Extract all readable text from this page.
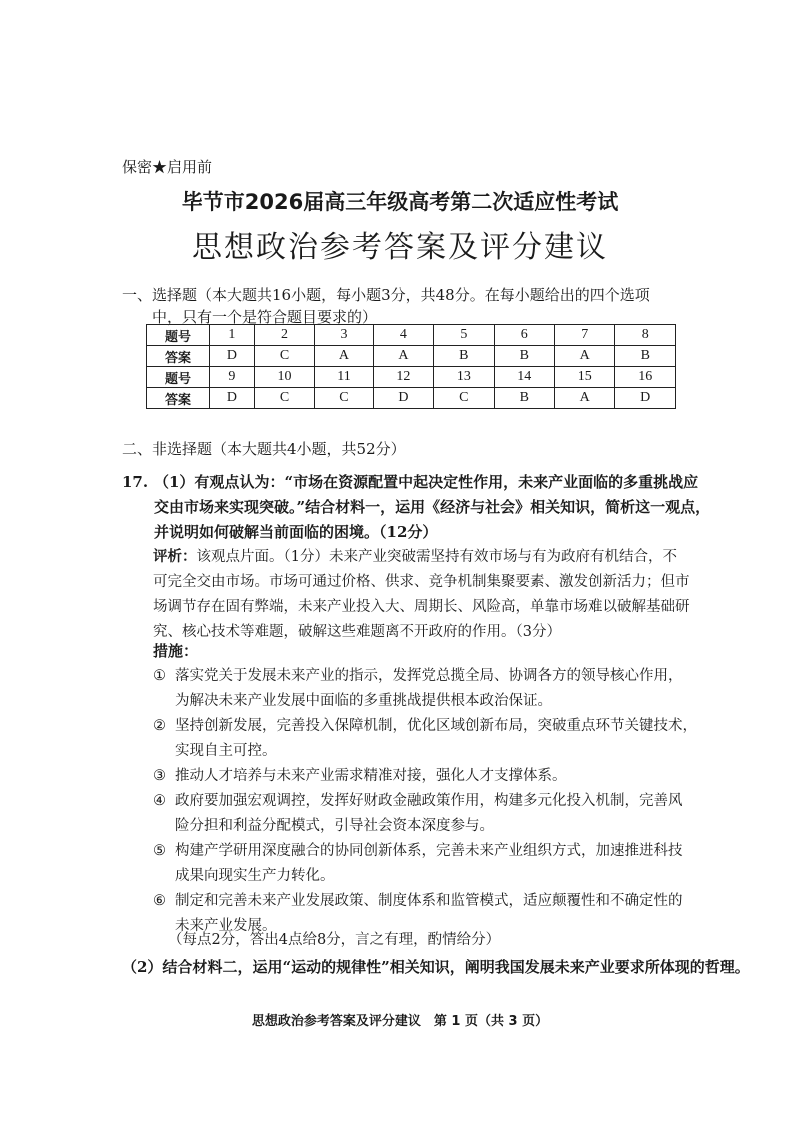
保密★启用前
毕节市2026届高三年级高考第二次适应性考试
思想政治参考答案及评分建议
一、选择题（本大题共16小题，每小题3分，共48分。在每小题给出的四个选项
中，只有一个是符合题目要求的）
题号	1	2	3	4	5	6	7	8
答案	D	C	A	A	B	B	A	B
题号	9	10	11	12	13	14	15	16
答案	D	C	C	D	C	B	A	D
二、非选择题（本大题共4小题，共52分）
17. （1）有观点认为：“市场在资源配置中起决定性作用，未来产业面临的多重挑战应
交由市场来实现突破。”结合材料一，运用《经济与社会》相关知识，简析这一观点，
并说明如何破解当前面临的困境。（12分）
评析：该观点片面。（1分）未来产业突破需坚持有效市场与有为政府有机结合，不
可完全交由市场。市场可通过价格、供求、竞争机制集聚要素、激发创新活力；但市
场调节存在固有弊端，未来产业投入大、周期长、风险高，单靠市场难以破解基础研
究、核心技术等难题，破解这些难题离不开政府的作用。（3分）
措施：
① 落实党关于发展未来产业的指示，发挥党总揽全局、协调各方的领导核心作用，
为解决未来产业发展中面临的多重挑战提供根本政治保证。
② 坚持创新发展，完善投入保障机制，优化区域创新布局，突破重点环节关键技术，
实现自主可控。
③ 推动人才培养与未来产业需求精准对接，强化人才支撑体系。
④ 政府要加强宏观调控，发挥好财政金融政策作用，构建多元化投入机制，完善风
险分担和利益分配模式，引导社会资本深度参与。
⑤ 构建产学研用深度融合的协同创新体系，完善未来产业组织方式，加速推进科技
成果向现实生产力转化。
⑥ 制定和完善未来产业发展政策、制度体系和监管模式，适应颠覆性和不确定性的
未来产业发展。
（每点2分，答出4点给8分，言之有理，酌情给分）
（2）结合材料二，运用“运动的规律性”相关知识，阐明我国发展未来产业要求所体现的哲理。
思想政治参考答案及评分建议　第 1 页（共 3 页）
